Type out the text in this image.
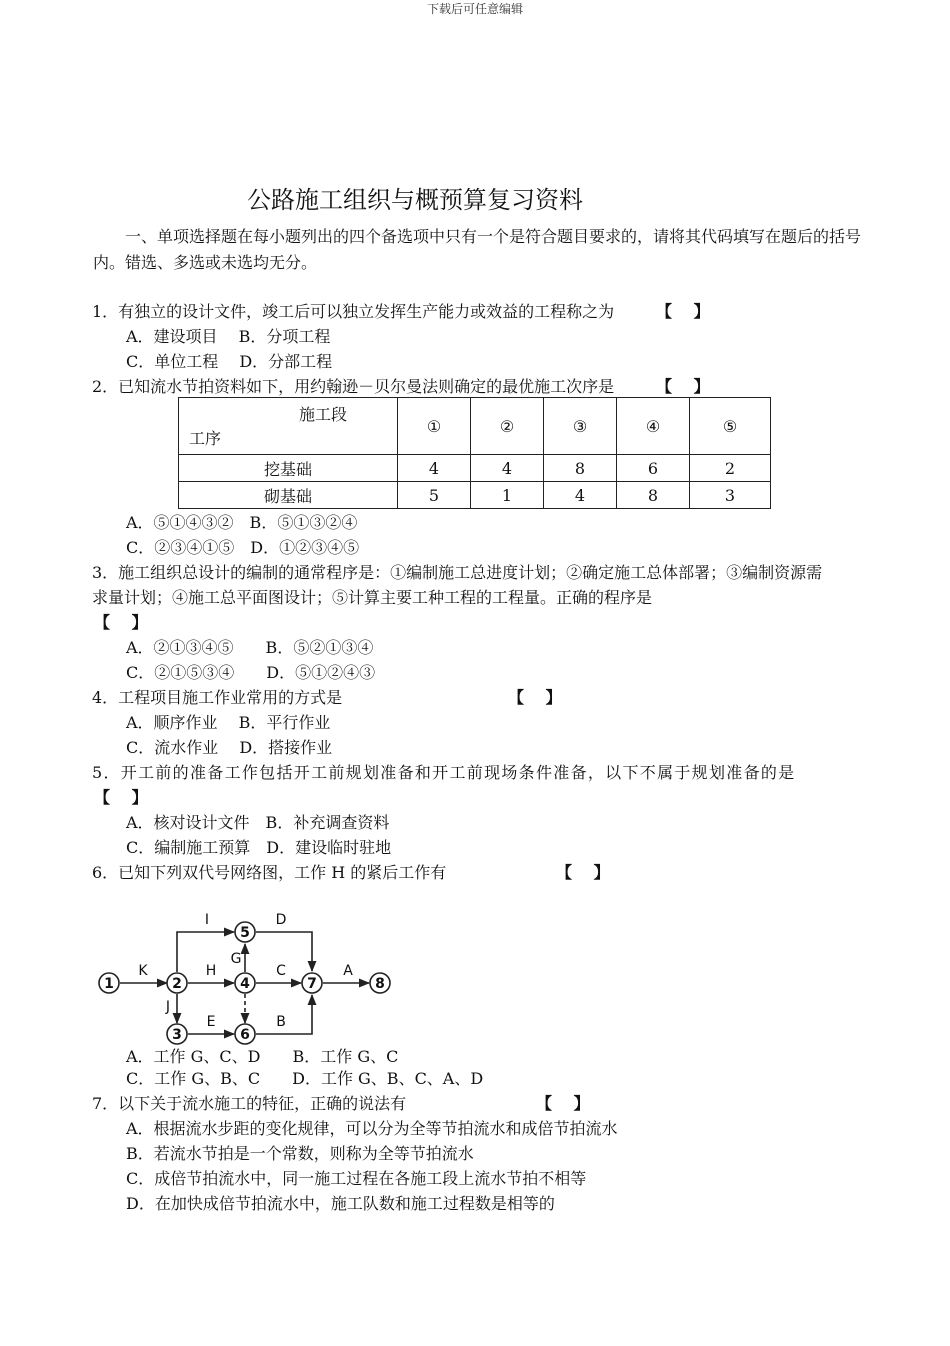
下载后可任意编辑
公路施工组织与概预算复习资料
一、单项选择题在每小题列出的四个备选项中只有一个是符合题目要求的，请将其代码填写在题后的括号内。错选、多选或未选均无分。
1．有独立的设计文件，竣工后可以独立发挥生产能力或效益的工程称之为	【　 】
A．建设项目　 B．分项工程
C．单位工程　 D．分部工程
2．已知流水节拍资料如下，用约翰逊－贝尔曼法则确定的最优施工次序是	【　 】
施工段
工序	①	②	③	④	⑤
挖基础	4	4	8	6	2
砌基础	5	1	4	8	3
A．⑤①④③②　B．⑤①③②④
C．②③④①⑤　D．①②③④⑤
3．施工组织总设计的编制的通常程序是：①编制施工总进度计划；②确定施工总体部署；③编制资源需
求量计划；④施工总平面图设计；⑤计算主要工种工程的工程量。正确的程序是
【　 】
A．②①③④⑤　　B．⑤②①③④
C．②①⑤③④　　D．⑤①②④③
4．工程项目施工作业常用的方式是	【　 】
A．顺序作业　 B．平行作业
C．流水作业　 D．搭接作业
5．开工前的准备工作包括开工前规划准备和开工前现场条件准备，以下不属于规划准备的是
【　 】
A．核对设计文件　B．补充调查资料
C．编制施工预算　D．建设临时驻地
6．已知下列双代号网络图，工作 H 的紧后工作有	【　 】
1	2
3
4
5
6
7	8
K	H	C	A
I	D
G
J
E	B
A．工作 G、C、D　　B．工作 G、C
C．工作 G、B、C　　D．工作 G、B、C、A、D
7．以下关于流水施工的特征，正确的说法有	【　 】
A．根据流水步距的变化规律，可以分为全等节拍流水和成倍节拍流水
B．若流水节拍是一个常数，则称为全等节拍流水
C．成倍节拍流水中，同一施工过程在各施工段上流水节拍不相等
D．在加快成倍节拍流水中，施工队数和施工过程数是相等的
